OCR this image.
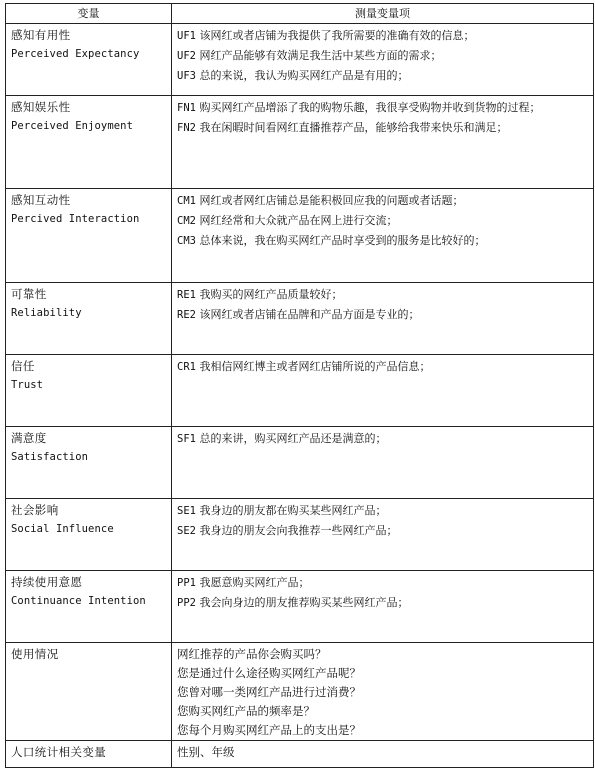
变量	测量变量项

感知有用性
Perceived Expectancy	UF1 该网红或者店铺为我提供了我所需要的准确有效的信息；
UF2 网红产品能够有效满足我生活中某些方面的需求；
UF3 总的来说，我认为购买网红产品是有用的；

感知娱乐性
Perceived Enjoyment	FN1 购买网红产品增添了我的购物乐趣，我很享受购物并收到货物的过程；
FN2 我在闲暇时间看网红直播推荐产品，能够给我带来快乐和满足；

感知互动性
Percived Interaction	CM1 网红或者网红店铺总是能积极回应我的问题或者话题；
CM2 网红经常和大众就产品在网上进行交流；
CM3 总体来说，我在购买网红产品时享受到的服务是比较好的；

可靠性
Reliability	RE1 我购买的网红产品质量较好；
RE2 该网红或者店铺在品牌和产品方面是专业的；

信任
Trust	CR1 我相信网红博主或者网红店铺所说的产品信息；

满意度
Satisfaction	SF1 总的来讲，购买网红产品还是满意的；

社会影响
Social Influence	SE1 我身边的朋友都在购买某些网红产品；
SE2 我身边的朋友会向我推荐一些网红产品；

持续使用意愿
Continuance Intention	PP1 我愿意购买网红产品；
PP2 我会向身边的朋友推荐购买某些网红产品；

使用情况	网红推荐的产品你会购买吗？
您是通过什么途径购买网红产品呢？
您曾对哪一类网红产品进行过消费？
您购买网红产品的频率是？
您每个月购买网红产品上的支出是？

人口统计相关变量	性别、年级
